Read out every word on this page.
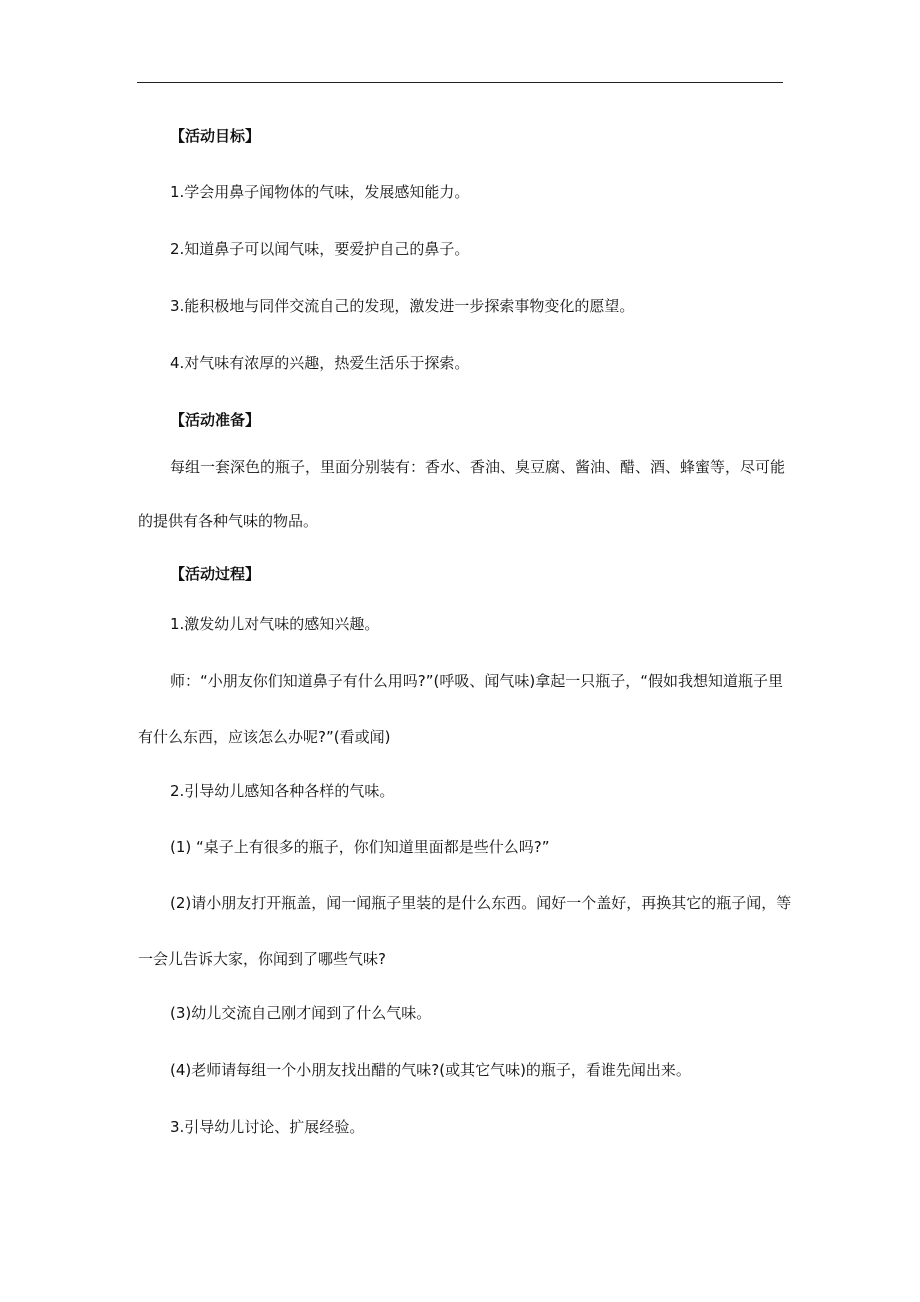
【活动目标】
1.学会用鼻子闻物体的气味，发展感知能力。
2.知道鼻子可以闻气味，要爱护自己的鼻子。
3.能积极地与同伴交流自己的发现，激发进一步探索事物变化的愿望。
4.对气味有浓厚的兴趣，热爱生活乐于探索。
【活动准备】

每组一套深色的瓶子，里面分别装有：香水、香油、臭豆腐、酱油、醋、酒、蜂蜜等，尽可能的提供有各种气味的物品。

【活动过程】
1.激发幼儿对气味的感知兴趣。

师：“小朋友你们知道鼻子有什么用吗?”(呼吸、闻气味)拿起一只瓶子，“假如我想知道瓶子里有什么东西，应该怎么办呢?”(看或闻)

2.引导幼儿感知各种各样的气味。
(1) “桌子上有很多的瓶子，你们知道里面都是些什么吗?”

(2)请小朋友打开瓶盖，闻一闻瓶子里装的是什么东西。闻好一个盖好，再换其它的瓶子闻，等一会儿告诉大家，你闻到了哪些气味?

(3)幼儿交流自己刚才闻到了什么气味。
(4)老师请每组一个小朋友找出醋的气味?(或其它气味)的瓶子，看谁先闻出来。
3.引导幼儿讨论、扩展经验。
